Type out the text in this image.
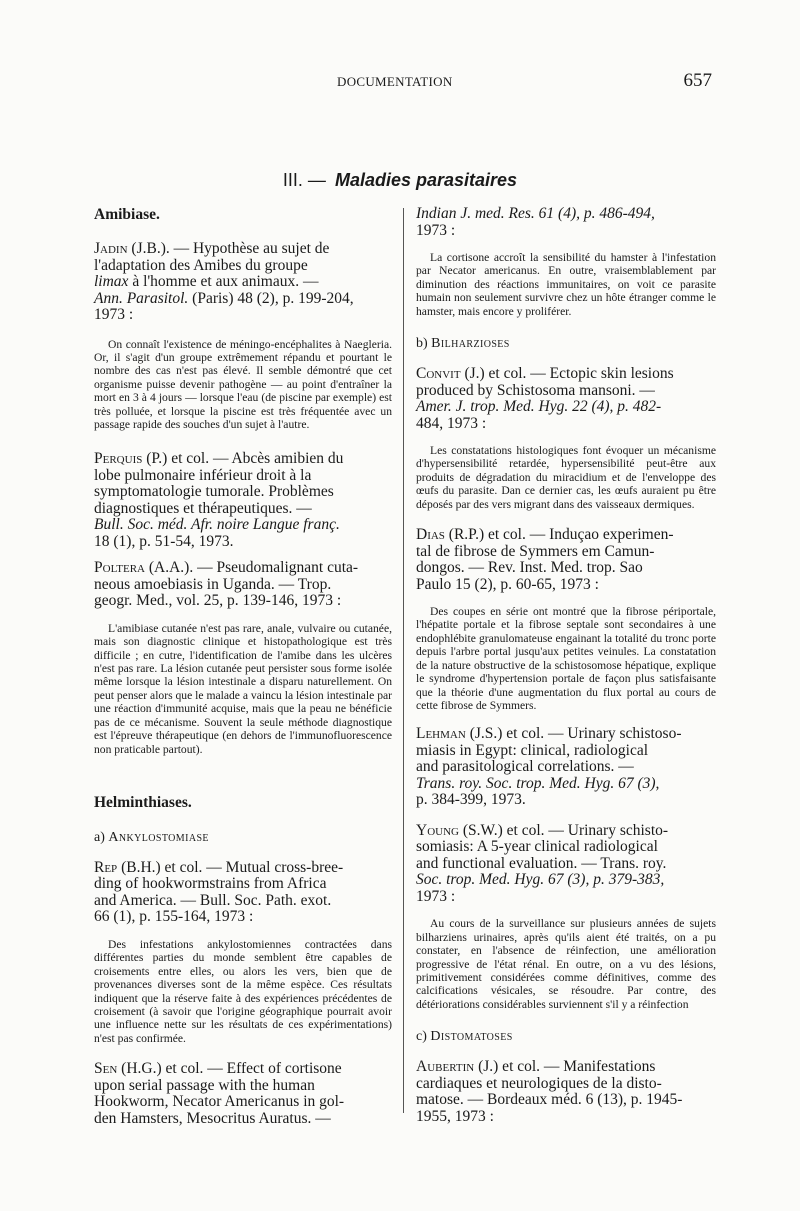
DOCUMENTATION	657
III. — Maladies parasitaires

Amibiase.

Jadin (J.B.). — Hypothèse au sujet de
l'adaptation des Amibes du groupe
limax à l'homme et aux animaux. —
Ann. Parasitol. (Paris) 48 (2), p. 199-204,
1973 :

On connaît l'existence de méningo-encéphalites à Naegleria. Or, il s'agit d'un groupe extrêmement répandu et pourtant le nombre des cas n'est pas élevé. Il semble démontré que cet organisme puisse devenir pathogène — au point d'entraîner la mort en 3 à 4 jours — lorsque l'eau (de piscine par exemple) est très polluée, et lorsque la piscine est très fréquentée avec un passage rapide des souches d'un sujet à l'autre.

Perquis (P.) et col. — Abcès amibien du
lobe pulmonaire inférieur droit à la
symptomatologie tumorale. Problèmes
diagnostiques et thérapeutiques. —
Bull. Soc. méd. Afr. noire Langue franç.
18 (1), p. 51-54, 1973.

Poltera (A.A.). — Pseudomalignant cuta-
neous amoebiasis in Uganda. — Trop.
geogr. Med., vol. 25, p. 139-146, 1973 :

L'amibiase cutanée n'est pas rare, anale, vulvaire ou cutanée, mais son diagnostic clinique et histopathologique est très difficile ; en cutre, l'identification de l'amibe dans les ulcères n'est pas rare. La lésion cutanée peut persister sous forme isolée même lorsque la lésion intestinale a disparu naturellement. On peut penser alors que le malade a vaincu la lésion intestinale par une réaction d'immunité acquise, mais que la peau ne bénéficie pas de ce mécanisme. Souvent la seule méthode diagnostique est l'épreuve thérapeutique (en dehors de l'immunofluorescence non praticable partout).

Helminthiases.

a) Ankylostomiase

Rep (B.H.) et col. — Mutual cross-bree-
ding of hookwormstrains from Africa
and America. — Bull. Soc. Path. exot.
66 (1), p. 155-164, 1973 :

Des infestations ankylostomiennes contractées dans différentes parties du monde semblent être capables de croisements entre elles, ou alors les vers, bien que de provenances diverses sont de la même espèce. Ces résultats indiquent que la réserve faite à des expériences précédentes de croisement (à savoir que l'origine géographique pourrait avoir une influence nette sur les résultats de ces expérimentations) n'est pas confirmée.

Sen (H.G.) et col. — Effect of cortisone
upon serial passage with the human
Hookworm, Necator Americanus in gol-
den Hamsters, Mesocritus Auratus. —

Indian J. med. Res. 61 (4), p. 486-494,
1973 :

La cortisone accroît la sensibilité du hamster à l'infestation par Necator americanus. En outre, vraisemblablement par diminution des réactions immunitaires, on voit ce parasite humain non seulement survivre chez un hôte étranger comme le hamster, mais encore y proliférer.

b) Bilharzioses

Convit (J.) et col. — Ectopic skin lesions
produced by Schistosoma mansoni. —
Amer. J. trop. Med. Hyg. 22 (4), p. 482-
484, 1973 :

Les constatations histologiques font évoquer un mécanisme d'hypersensibilité retardée, hypersensibilité peut-être aux produits de dégradation du miracidium et de l'enveloppe des œufs du parasite. Dan ce dernier cas, les œufs auraient pu être déposés par des vers migrant dans des vaisseaux dermiques.

Dias (R.P.) et col. — Induçao experimen-
tal de fibrose de Symmers em Camun-
dongos. — Rev. Inst. Med. trop. Sao
Paulo 15 (2), p. 60-65, 1973 :

Des coupes en série ont montré que la fibrose périportale, l'hépatite portale et la fibrose septale sont secondaires à une endophlébite granulomateuse engainant la totalité du tronc porte depuis l'arbre portal jusqu'aux petites veinules. La constatation de la nature obstructive de la schistosomose hépatique, explique le syndrome d'hypertension portale de façon plus satisfaisante que la théorie d'une augmentation du flux portal au cours de cette fibrose de Symmers.

Lehman (J.S.) et col. — Urinary schistoso-
miasis in Egypt: clinical, radiological
and parasitological correlations. —
Trans. roy. Soc. trop. Med. Hyg. 67 (3),
p. 384-399, 1973.

Young (S.W.) et col. — Urinary schisto-
somiasis: A 5-year clinical radiological
and functional evaluation. — Trans. roy.
Soc. trop. Med. Hyg. 67 (3), p. 379-383,
1973 :

Au cours de la surveillance sur plusieurs années de sujets bilharziens urinaires, après qu'ils aient été traités, on a pu constater, en l'absence de réinfection, une amélioration progressive de l'état rénal. En outre, on a vu des lésions, primitivement considérées comme définitives, comme des calcifications vésicales, se résoudre. Par contre, des détériorations considérables surviennent s'il y a réinfection

c) Distomatoses

Aubertin (J.) et col. — Manifestations
cardiaques et neurologiques de la disto-
matose. — Bordeaux méd. 6 (13), p. 1945-
1955, 1973 :
